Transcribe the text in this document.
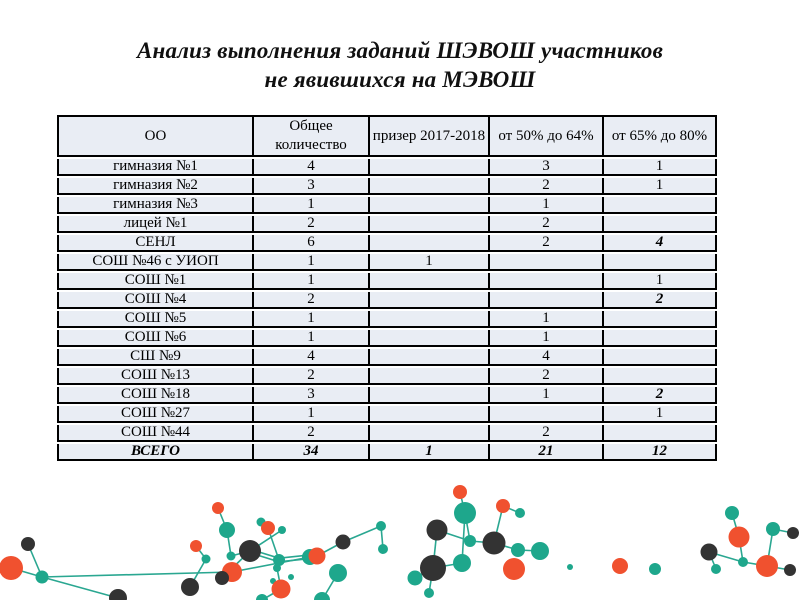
Анализ выполнения заданий ШЭВОШ участников
не явившихся на МЭВОШ
ОО	Общее количество	призер 2017-2018	от 50% до 64%	от 65% до 80%
гимназия №1	4		3	1
гимназия №2	3		2	1
гимназия №3	1		1	
лицей №1	2		2	
СЕНЛ	6		2	4
СОШ №46 с УИОП	1	1		
СОШ №1	1			1
СОШ №4	2			2
СОШ №5	1		1	
СОШ №6	1		1	
СШ №9	4		4	
СОШ №13	2		2	
СОШ №18	3		1	2
СОШ №27	1			1
СОШ №44	2		2	
ВСЕГО	34	1	21	12
